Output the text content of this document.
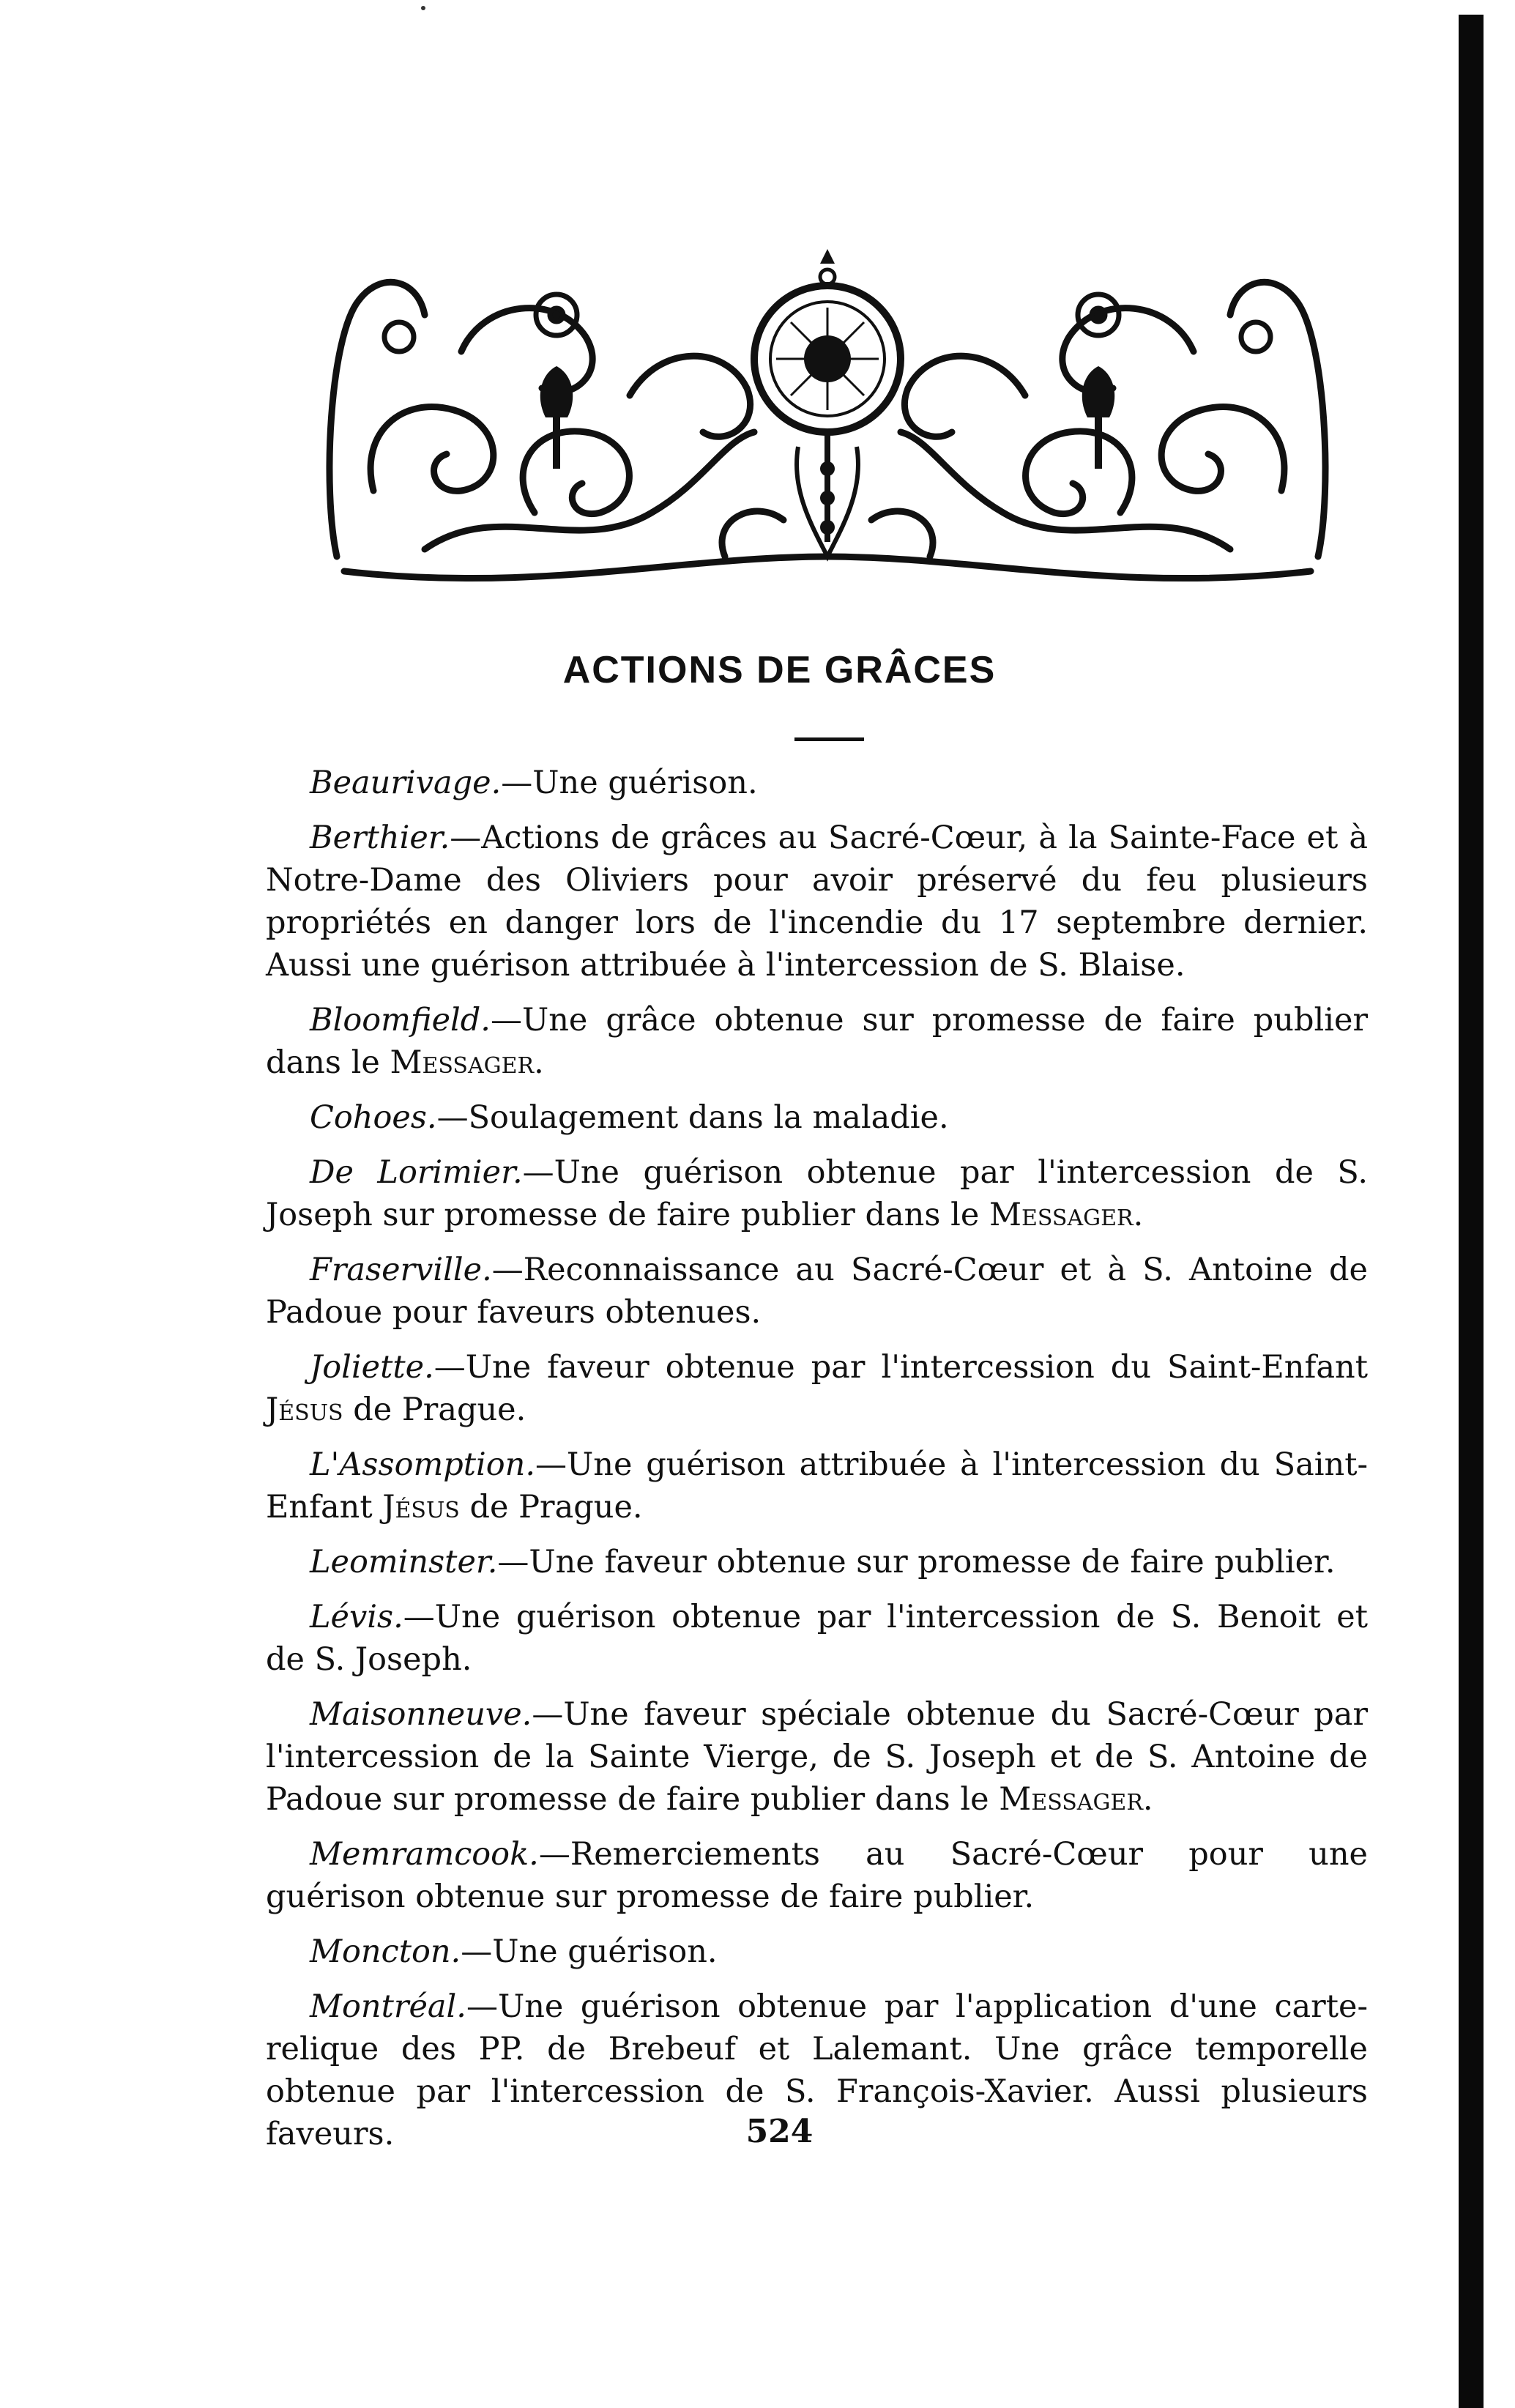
ACTIONS DE GRÂCES

Beaurivage.—Une guérison.

Berthier.—Actions de grâces au Sacré-Cœur, à la Sainte-Face et à Notre-Dame des Oliviers pour avoir préservé du feu plusieurs propriétés en danger lors de l'incendie du 17 septembre dernier. Aussi une guérison attribuée à l'intercession de S. Blaise.

Bloomfield.—Une grâce obtenue sur promesse de faire publier dans le Messager.

Cohoes.—Soulagement dans la maladie.

De Lorimier.—Une guérison obtenue par l'intercession de S. Joseph sur promesse de faire publier dans le Messager.

Fraserville.—Reconnaissance au Sacré-Cœur et à S. Antoine de Padoue pour faveurs obtenues.

Joliette.—Une faveur obtenue par l'intercession du Saint-Enfant Jésus de Prague.

L'Assomption.—Une guérison attribuée à l'intercession du Saint-Enfant Jésus de Prague.

Leominster.—Une faveur obtenue sur promesse de faire publier.

Lévis.—Une guérison obtenue par l'intercession de S. Benoit et de S. Joseph.

Maisonneuve.—Une faveur spéciale obtenue du Sacré-Cœur par l'intercession de la Sainte Vierge, de S. Joseph et de S. Antoine de Padoue sur promesse de faire publier dans le Messager.

Memramcook.—Remerciements au Sacré-Cœur pour une guérison obtenue sur promesse de faire publier.

Moncton.—Une guérison.

Montréal.—Une guérison obtenue par l'application d'une carte-relique des PP. de Brebeuf et Lalemant. Une grâce temporelle obtenue par l'intercession de S. François-Xavier. Aussi plusieurs faveurs.	524
